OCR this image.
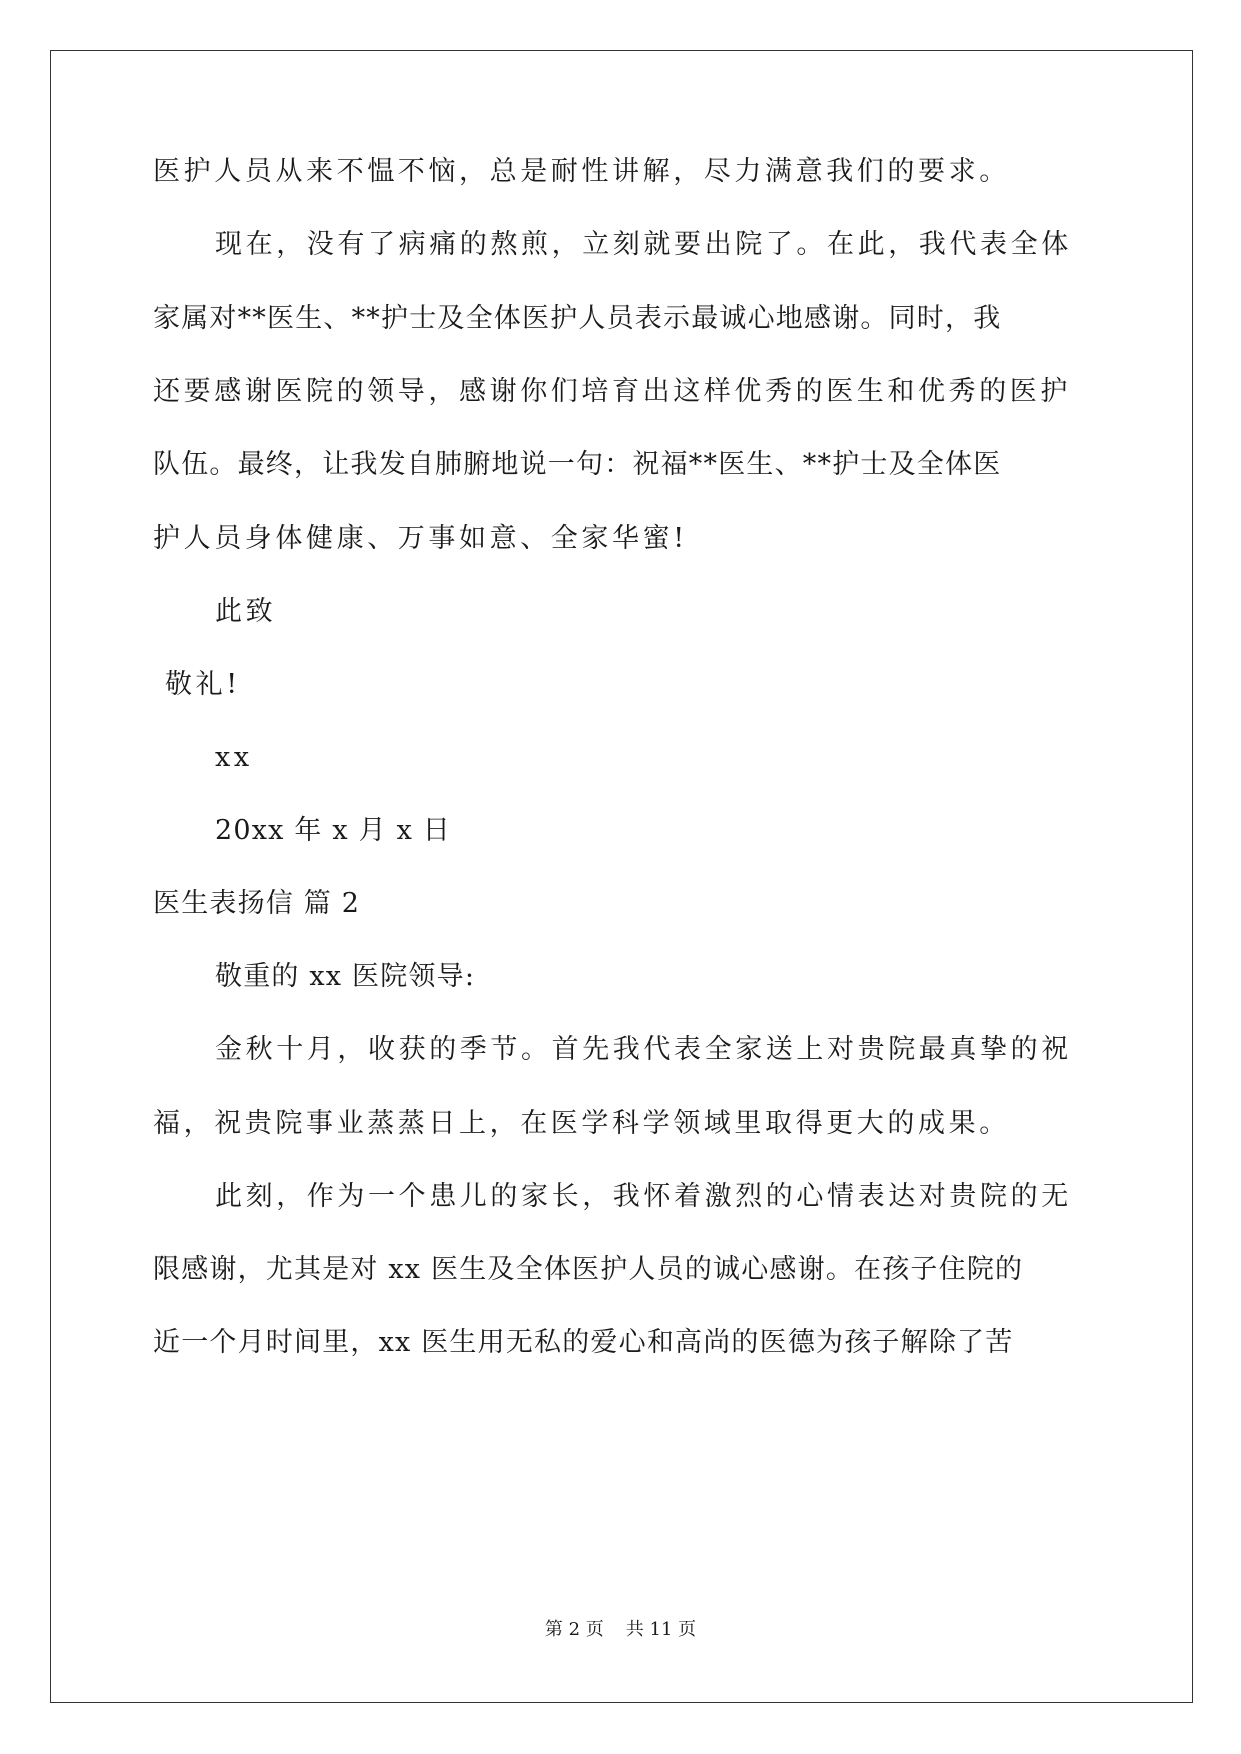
医护人员从来不愠不恼，总是耐性讲解，尽力满意我们的要求。
现在，没有了病痛的熬煎，立刻就要出院了。在此，我代表全体
家属对**医生、**护士及全体医护人员表示最诚心地感谢。同时，我
还要感谢医院的领导，感谢你们培育出这样优秀的医生和优秀的医护
队伍。最终，让我发自肺腑地说一句：祝福**医生、**护士及全体医
护人员身体健康、万事如意、全家华蜜!
此致
敬礼!
xx
20xx 年 x 月 x 日
医生表扬信 篇 2
敬重的 xx 医院领导:
金秋十月，收获的季节。首先我代表全家送上对贵院最真挚的祝
福，祝贵院事业蒸蒸日上，在医学科学领域里取得更大的成果。
此刻，作为一个患儿的家长，我怀着激烈的心情表达对贵院的无
限感谢，尤其是对 xx 医生及全体医护人员的诚心感谢。在孩子住院的
近一个月时间里，xx 医生用无私的爱心和高尚的医德为孩子解除了苦
第 2 页 共 11 页
